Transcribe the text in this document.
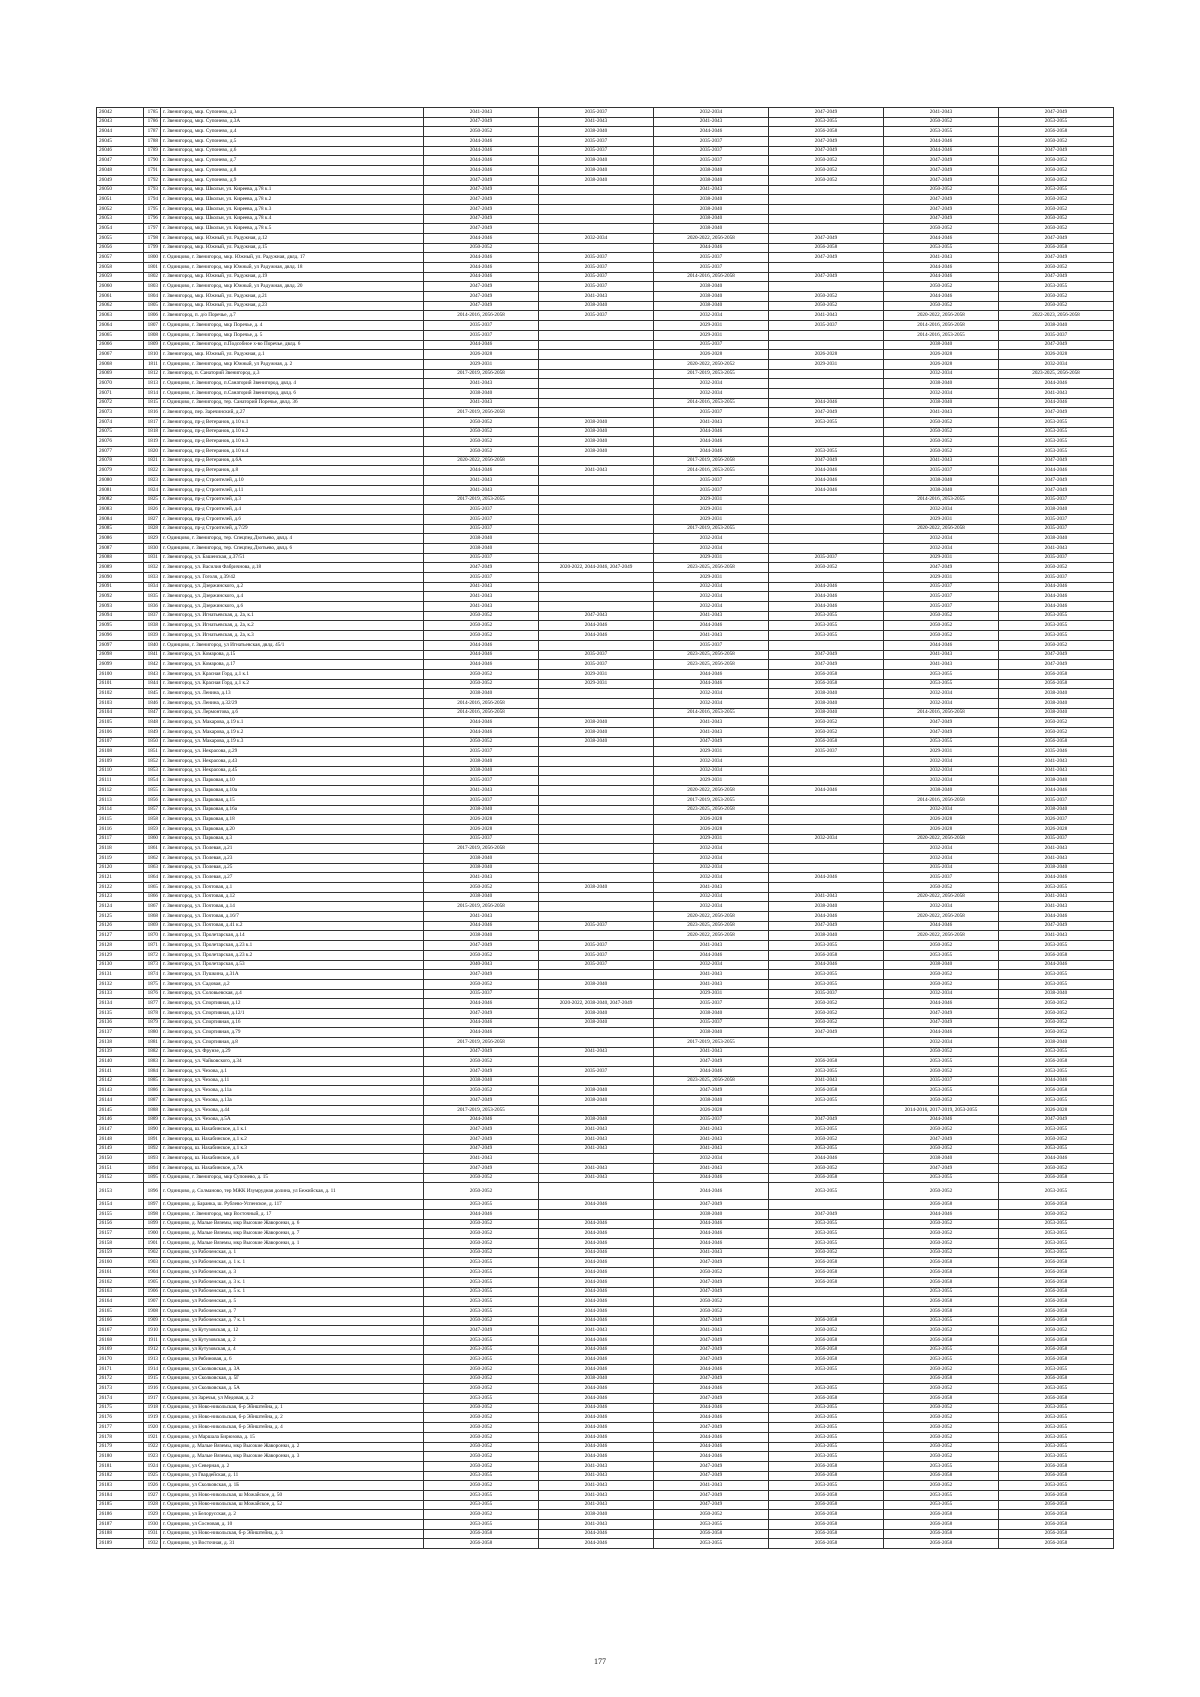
26042	1785	г. Звенигород, мкр. Супонево, д.3	2041-2043	2035-2037	2032-2034	2047-2049	2041-2043	2047-2049
26043	1786	г. Звенигород, мкр. Супонево, д.3А	2047-2049	2041-2043	2041-2043	2053-2055	2050-2052	2053-2055
26044	1787	г. Звенигород, мкр. Супонево, д.4	2050-2052	2038-2040	2044-2046	2056-2058	2053-2055	2056-2058
26045	1788	г. Звенигород, мкр. Супонево, д.5	2044-2046	2035-2037	2035-2037	2047-2049	2044-2046	2050-2052
26046	1789	г. Звенигород, мкр. Супонево, д.6	2044-2046	2035-2037	2035-2037	2047-2049	2044-2046	2047-2049
26047	1790	г. Звенигород, мкр. Супонево, д.7	2044-2046	2038-2040	2035-2037	2050-2052	2047-2049	2050-2052
26048	1791	г. Звенигород, мкр. Супонево, д.8	2044-2046	2038-2040	2038-2040	2050-2052	2047-2049	2050-2052
26049	1792	г. Звенигород, мкр. Супонево, д.9	2047-2049	2038-2040	2038-2040	2050-2052	2047-2049	2050-2052
26050	1793	г. Звенигород, мкр. Школьн, ул. Киреева, д.78 к.1	2047-2049		2041-2043		2050-2052	2053-2055
26051	1794	г. Звенигород, мкр. Школьн, ул. Киреева, д.78 к.2	2047-2049		2038-2040		2047-2049	2050-2052
26052	1795	г. Звенигород, мкр. Школьн, ул. Киреева, д.78 к.3	2047-2049		2038-2040		2047-2049	2050-2052
26053	1796	г. Звенигород, мкр. Школьн, ул. Киреева, д.78 к.4	2047-2049		2038-2040		2047-2049	2050-2052
26054	1797	г. Звенигород, мкр. Школьн, ул. Киреева, д.78 к.5	2047-2049		2038-2040		2050-2052	2050-2052
26055	1798	г. Звенигород, мкр. Южный, ул. Радужная, д.12	2044-2046	2032-2034	2020-2022, 2056-2058	2047-2049	2044-2046	2047-2049
26056	1799	г. Звенигород, мкр. Южный, ул. Радужная, д.15	2050-2052		2044-2046	2056-2058	2053-2055	2056-2058
26057	1800	г. Одинцово, г. Звенигород, мкр. Южный, ул. Радужная, двлд. 17	2044-2046	2035-2037	2035-2037	2047-2049	2041-2043	2047-2049
26058	1801	г. Одинцово, г. Звенигород, мкр Южный, ул Радужная, двлд. 18	2044-2046	2035-2037	2035-2037		2044-2046	2050-2052
26059	1802	г. Звенигород, мкр. Южный, ул. Радужная, д.19	2044-2046	2035-2037	2014-2016, 2056-2058	2047-2049	2044-2046	2047-2049
26060	1803	г. Одинцово, г. Звенигород, мкр Южный, ул Радужная, двлд. 20	2047-2049	2035-2037	2038-2040		2050-2052	2053-2055
26061	1804	г. Звенигород, мкр. Южный, ул. Радужная, д.21	2047-2049	2041-2043	2038-2040	2050-2052	2044-2046	2050-2052
26062	1805	г. Звенигород, мкр. Южный, ул. Радужная, д.23	2047-2049	2038-2040	2038-2040	2050-2052	2050-2052	2050-2052
26063	1806	г. Звенигород, п. д/о Поречье, д.7	2014-2016, 2056-2058	2035-2037	2032-2034	2041-2043	2020-2022, 2056-2058	2022-2023, 2056-2058
26064	1807	г. Одинцово, г. Звенигород, мкр Поречье, д. 4	2035-2037		2029-2031	2035-2037	2014-2016, 2056-2058	2038-2040
26065	1808	г. Одинцово, г. Звенигород, мкр Поречье, д. 5	2035-2037		2029-2031		2014-2016, 2053-2055	2035-2037
26066	1809	г. Одинцово, г. Звенигород, п.Подсобное х-во Поречье, двлд. 6	2044-2046		2035-2037		2038-2040	2047-2049
26067	1810	г. Звенигород, мкр. Южный, ул. Радужная, д.1	2026-2028		2026-2028	2026-2028	2026-2028	2026-2028
26068	1811	г. Одинцово, г. Звенигород, мкр Южный, ул Радужная, д. 2	2029-2031		2020-2022, 2050-2052	2029-2031	2026-2028	2032-2034
26069	1812	г. Звенигород, п. Санаторий Звенигород, д.3	2017-2019, 2056-2058		2017-2019, 2053-2055		2032-2034	2023-2025, 2056-2058
26070	1813	г. Одинцово, г. Звенигород, п.Санаторий Звенигород, двлд. 4	2041-2043		2032-2034		2038-2040	2044-2046
26071	1814	г. Одинцово, г. Звенигород, п.Санаторий Звенигород, двлд. 6	2038-2040		2032-2034		2032-2034	2041-2043
26072	1815	г. Одинцово, г. Звенигород, тер. Санаторий Поречье, двлд. 36	2041-2043		2014-2016, 2053-2055	2044-2046	2038-2040	2044-2046
26073	1816	г. Звенигород, пер. Заречинский, д.27	2017-2019, 2056-2058		2035-2037	2047-2049	2041-2043	2047-2049
26074	1817	г. Звенигород, пр-д Ветеранов, д.10 к.1	2050-2052	2038-2040	2041-2043	2053-2055	2050-2052	2053-2055
26075	1818	г. Звенигород, пр-д Ветеранов, д.10 к.2	2050-2052	2038-2040	2044-2046		2050-2052	2053-2055
26076	1819	г. Звенигород, пр-д Ветеранов, д.10 к.3	2050-2052	2038-2040	2044-2046		2050-2052	2053-2055
26077	1820	г. Звенигород, пр-д Ветеранов, д.10 к.4	2050-2052	2038-2040	2044-2046	2053-2055	2050-2052	2053-2055
26078	1821	г. Звенигород, пр-д Ветеранов, д.6А	2020-2022, 2056-2058		2017-2019, 2056-2058	2047-2049	2041-2043	2047-2049
26079	1822	г. Звенигород, пр-д Ветеранов, д.8	2044-2046	2041-2043	2014-2016, 2053-2055	2044-2046	2035-2037	2044-2046
26080	1823	г. Звенигород, пр-д Строителей, д.10	2041-2043		2035-2037	2044-2046	2038-2040	2047-2049
26081	1824	г. Звенигород, пр-д Строителей, д.11	2041-2043		2035-2037	2044-2046	2038-2040	2047-2049
26082	1825	г. Звенигород, пр-д Строителей, д.3	2017-2019, 2053-2055		2029-2031		2014-2016, 2053-2055	2035-2037
26083	1826	г. Звенигород, пр-д Строителей, д.4	2035-2037		2029-2031		2032-2034	2038-2040
26084	1827	г. Звенигород, пр-д Строителей, д.6	2035-2037		2029-2031		2029-2031	2035-2037
26085	1828	г. Звенигород, пр-д Строителей, д.7/29	2035-2037		2017-2019, 2053-2055		2020-2022, 2056-2058	2035-2037
26086	1829	г. Одинцово, г. Звенигород, тер. Спецпед.Дзотьево, двлд. 4	2038-2040		2032-2034		2032-2034	2038-2040
26087	1830	г. Одинцово, г. Звенигород, тер. Спецпед.Дзотьево, двлд. 6	2038-2040		2032-2034		2032-2034	2041-2043
26088	1831	г. Звенигород, ул. Башенская, д.37/51	2035-2037		2029-2031	2035-2037	2029-2031	2035-2037
26089	1832	г. Звенигород, ул. Василия Фабричнова, д.18	2047-2049	2020-2022, 2044-2046, 2047-2049	2023-2025, 2056-2058	2050-2052	2047-2049	2050-2052
26090	1833	г. Звенигород, ул. Гоголя, д.39/42	2035-2037		2029-2031		2029-2031	2035-2037
26091	1834	г. Звенигород, ул. Дзержинского, д.2	2041-2043		2032-2034	2044-2046	2035-2037	2044-2046
26092	1835	г. Звенигород, ул. Дзержинского, д.4	2041-2043		2032-2034	2044-2046	2035-2037	2044-2046
26093	1836	г. Звенигород, ул. Дзержинского, д.6	2041-2043		2032-2034	2044-2046	2035-2037	2044-2046
26094	1837	г. Звенигород, ул. Игнатьевская, д. 2а, к.1	2050-2052	2047-2043	2041-2043	2053-2055	2050-2052	2053-2055
26095	1838	г. Звенигород, ул. Игнатьевская, д. 2а, к.2	2050-2052	2044-2046	2044-2046	2053-2055	2050-2052	2053-2055
26096	1839	г. Звенигород, ул. Игнатьевская, д. 2а, к.3	2050-2052	2044-2046	2041-2043	2053-2055	2050-2052	2053-2055
26097	1840	г. Одинцово, г. Звенигород, ул Игнатьевская, двлд. 45/1	2044-2046		2035-2037		2044-2046	2050-2052
26098	1841	г. Звенигород, ул. Комарова, д.15	2044-2046	2035-2037	2023-2025, 2056-2058	2047-2049	2041-2043	2047-2049
26099	1842	г. Звенигород, ул. Комарова, д.17	2044-2046	2035-2037	2023-2025, 2056-2058	2047-2049	2041-2043	2047-2049
26100	1843	г. Звенигород, ул. Красная Горд, д.1 к.1	2050-2052	2029-2031	2044-2046	2056-2058	2053-2055	2056-2058
26101	1844	г. Звенигород, ул. Красная Горд, д.1 к.2	2050-2052	2029-2031	2044-2046	2056-2058	2053-2055	2056-2058
26102	1845	г. Звенигород, ул. Ленина, д.13	2038-2040		2032-2034	2038-2040	2032-2034	2038-2040
26103	1846	г. Звенигород, ул. Ленина, д.32/29	2014-2016, 2056-2058		2032-2034	2038-2040	2032-2034	2038-2040
26104	1847	г. Звенигород, ул. Лермонтова, д.6	2014-2016, 2056-2058		2014-2016, 2053-2055	2038-2040	2014-2016, 2056-2058	2038-2040
26105	1848	г. Звенигород, ул. Макарова, д.19 к.1	2044-2046	2038-2040	2041-2043	2050-2052	2047-2049	2050-2052
26106	1849	г. Звенигород, ул. Макарова, д.19 к.2	2044-2046	2038-2040	2041-2043	2050-2052	2047-2049	2050-2052
26107	1850	г. Звенигород, ул. Макарова, д.19 к.3	2050-2052	2038-2040	2047-2049	2056-2058	2053-2055	2056-2058
26108	1851	г. Звенигород, ул. Некрасова, д.29	2035-2037		2029-2031	2035-2037	2029-2031	2035-2046
26109	1852	г. Звенигород, ул. Некрасова, д.43	2038-2040		2032-2034		2032-2034	2041-2043
26110	1853	г. Звенигород, ул. Некрасова, д.45	2038-2040		2032-2034		2032-2034	2041-2043
26111	1854	г. Звенигород, ул. Парковая, д.10	2035-2037		2029-2031		2032-2034	2038-2040
26112	1855	г. Звенигород, ул. Парковая, д.10а	2041-2043		2020-2022, 2056-2058	2044-2046	2038-2040	2044-2046
26113	1856	г. Звенигород, ул. Парковая, д.15	2035-2037		2017-2019, 2053-2055		2014-2016, 2056-2058	2035-2037
26114	1857	г. Звенигород, ул. Парковая, д.16а	2038-2040		2023-2025, 2056-2058		2032-2034	2038-2040
26115	1858	г. Звенигород, ул. Парковая, д.18	2026-2028		2026-2028		2026-2028	2026-2037
26116	1859	г. Звенигород, ул. Парковая, д.20	2026-2028		2026-2028		2026-2028	2026-2028
26117	1860	г. Звенигород, ул. Парковая, д.3	2035-2037		2029-2031	2032-2034	2020-2022, 2056-2058	2035-2037
26118	1861	г. Звенигород, ул. Полевая, д.21	2017-2019, 2056-2058		2032-2034		2032-2034	2041-2043
26119	1862	г. Звенигород, ул. Полевая, д.23	2038-2040		2032-2034		2032-2034	2041-2043
26120	1863	г. Звенигород, ул. Полевая, д.25	2038-2040		2032-2034		2035-2034	2038-2040
26121	1864	г. Звенигород, ул. Полевая, д.27	2041-2043		2032-2034	2044-2046	2035-2037	2044-2046
26122	1865	г. Звенигород, ул. Почтовая, д.1	2050-2052	2038-2040	2041-2043		2050-2052	2053-2055
26123	1866	г. Звенигород, ул. Почтовая, д.12	2038-2040		2032-2034	2041-2043	2020-2022, 2056-2058	2041-2043
26124	1867	г. Звенигород, ул. Почтовая, д.14	2015-2019, 2056-2058		2032-2034	2038-2040	2032-2034	2041-2043
26125	1868	г. Звенигород, ул. Почтовая, д.16/7	2041-2043		2020-2022, 2056-2058	2044-2046	2020-2022, 2056-2058	2044-2046
26126	1869	г. Звенигород, ул. Почтовая, д.41 к.2	2044-2046	2035-2037	2023-2025, 2056-2058	2047-2049	2044-2046	2047-2049
26127	1870	г. Звенигород, ул. Пролетарская, д.14	2038-2040		2020-2022, 2056-2058	2038-2040	2020-2022, 2056-2058	2041-2043
26128	1871	г. Звенигород, ул. Пролетарская, д.23 к.1	2047-2049	2035-2037	2041-2043	2053-2055	2050-2052	2053-2055
26129	1872	г. Звенигород, ул. Пролетарская, д.23 к.2	2050-2052	2035-2037	2044-2046	2056-2058	2053-2055	2056-2058
26130	1873	г. Звенигород, ул. Пролетарская, д.53	2040-2043	2035-2037	2032-2034	2044-2046	2038-2040	2044-2046
26131	1874	г. Звенигород, ул. Пушкина, д.31А	2047-2049		2041-2043	2053-2055	2050-2052	2053-2055
26132	1875	г. Звенигород, ул. Садовая, д.2	2050-2052	2038-2040	2041-2043	2053-2055	2050-2052	2053-2055
26133	1876	г. Звенигород, ул. Соловьевская, д.4	2035-2037		2029-2031	2035-2037	2032-2034	2038-2040
26134	1877	г. Звенигород, ул. Спортивная, д.12	2044-2046	2020-2022, 2038-2040, 2047-2049	2035-2037	2050-2052	2044-2046	2050-2052
26135	1878	г. Звенигород, ул. Спортивная, д.12/1	2047-2049	2038-2040	2038-2040	2050-2052	2047-2049	2050-2052
26136	1879	г. Звенигород, ул. Спортивная, д.16	2044-2046	2038-2040	2035-2037	2050-2052	2047-2049	2050-2052
26137	1880	г. Звенигород, ул. Спортивная, д.79	2044-2046		2038-2040	2047-2049	2044-2046	2050-2052
26138	1881	г. Звенигород, ул. Спортивная, д.8	2017-2019, 2056-2058		2017-2019, 2053-2055		2032-2034	2038-2040
26139	1882	г. Звенигород, ул. Фрунзе, д.29	2047-2049	2041-2043	2041-2043		2050-2052	2053-2055
26140	1883	г. Звенигород, ул. Чайковского, д.34	2050-2052		2047-2049	2056-2058	2053-2055	2056-2058
26141	1884	г. Звенигород, ул. Чехова, д.1	2047-2049	2035-2037	2044-2046	2053-2055	2050-2052	2053-2055
26142	1885	г. Звенигород, ул. Чехова, д.11	2038-2040		2023-2025, 2056-2058	2041-2043	2035-2037	2044-2046
26143	1886	г. Звенигород, ул. Чехова, д.11а	2050-2052	2038-2040	2047-2049	2056-2058	2053-2055	2056-2058
26144	1887	г. Звенигород, ул. Чехова, д.13а	2047-2049	2038-2040	2038-2040	2053-2055	2050-2052	2053-2055
26145	1888	г. Звенигород, ул. Чехова, д.44	2017-2019, 2053-2055		2026-2028		2014-2016, 2017-2019, 2053-2055	2026-2028
26146	1889	г. Звенигород, ул. Чехова, д.5А	2044-2046	2038-2040	2035-2037	2047-2049	2044-2046	2047-2049
26147	1890	г. Звенигород, ш. Нахабинское, д.1 к.1	2047-2049	2041-2043	2041-2043	2053-2055	2050-2052	2053-2055
26148	1891	г. Звенигород, ш. Нахабинское, д.1 к.2	2047-2049	2041-2043	2041-2043	2050-2052	2047-2049	2050-2052
26149	1892	г. Звенигород, ш. Нахабинское, д.1 к.3	2047-2049	2041-2043	2041-2043	2053-2055	2050-2052	2053-2055
26150	1893	г. Звенигород, ш. Нахабинское, д.6	2041-2043		2032-2034	2044-2046	2038-2040	2044-2046
26151	1894	г. Звенигород, ш. Нахабинское, д.7А	2047-2049	2041-2043	2041-2043	2050-2052	2047-2049	2050-2052
26152	1895	г. Одинцово, г. Звенигород, мкр Супонево, д. 15	2050-2052	2041-2043	2044-2046	2056-2058	2053-2055	2056-2058
26153	1896	г. Одинцово, д. Солманово, тер МЖК Изумрудная долина, ул Бежийская, д. 11	2050-2052		2044-2046	2053-2055	2050-2052	2053-2055
26154	1897	г. Одинцово, д. Баранка, ш. Рублево-Успенское, д. 117	2053-2055	2044-2046	2047-2049		2056-2058	2056-2058
26155	1898	г. Одинцово, г. Звенигород, мкр Восточный, д. 17	2044-2046		2038-2040	2047-2049	2044-2046	2050-2052
26156	1899	г. Одинцово, д. Малые Вяземы, мкр Высокие Жаворонки, д. 6	2050-2052	2044-2046	2044-2046	2053-2055	2050-2052	2053-2055
26157	1900	г. Одинцово, д. Малые Вяземы, мкр Высокие Жаворонки, д. 7	2050-2052	2044-2046	2044-2046	2053-2055	2050-2052	2053-2055
26158	1901	г. Одинцово, д. Малые Вяземы, мкр Высокие Жаворонки, д. 1	2050-2052	2044-2046	2044-2046	2053-2055	2050-2052	2053-2055
26159	1902	г. Одинцово, ул Рабоченская, д. 1	2050-2052	2044-2046	2041-2043	2050-2052	2050-2052	2053-2055
26160	1903	г. Одинцово, ул Рабоченская, д. 1 к. 1	2053-2055	2044-2046	2047-2049	2056-2058	2056-2058	2056-2058
26161	1904	г. Одинцово, ул Рабоченская, д. 3	2053-2055	2044-2046	2050-2052	2056-2058	2056-2058	2056-2058
26162	1905	г. Одинцово, ул Рабоченская, д. 3 к. 1	2053-2055	2044-2046	2047-2049	2056-2058	2056-2058	2056-2058
26163	1906	г. Одинцово, ул Рабоченская, д. 5 к. 1	2053-2055	2044-2046	2047-2049		2053-2055	2056-2058
26164	1907	г. Одинцово, ул Рабоченская, д. 5	2053-2055	2044-2046	2050-2052		2056-2058	2056-2058
26165	1908	г. Одинцово, ул Рабоченская, д. 7	2053-2055	2044-2046	2050-2052		2056-2058	2056-2058
26166	1909	г. Одинцово, ул Рабоченская, д. 7 к. 1	2050-2052	2044-2046	2047-2049	2056-2058	2053-2055	2056-2058
26167	1910	г. Одинцово, ул Кутузовская, д. 12	2047-2049	2041-2043	2041-2043	2050-2052	2050-2052	2050-2052
26168	1911	г. Одинцово, ул Кутузовская, д. 2	2053-2055	2044-2046	2047-2049	2056-2058	2056-2058	2056-2058
26169	1912	г. Одинцово, ул Кутузовская, д. 4	2053-2055	2044-2046	2047-2049	2056-2058	2053-2055	2056-2058
26170	1913	г. Одинцово, ул Рябиновая, д. 6	2053-2055	2044-2046	2047-2049	2056-2058	2053-2055	2056-2058
26171	1914	г. Одинцово, ул Сколковская, д. 3А	2050-2052	2044-2046	2044-2046	2053-2055	2050-2052	2053-2055
26172	1915	г. Одинцово, ул Сколковская, д. 5Г	2050-2052	2038-2040	2047-2049		2056-2058	2056-2058
26173	1916	г. Одинцово, ул Сколковская, д. 5А	2050-2052	2044-2046	2044-2046	2053-2055	2050-2052	2053-2055
26174	1917	г. Одинцово, ул Заречья, ул Медовая, д. 2	2053-2055	2044-2046	2047-2049	2056-2058	2056-2058	2056-2058
26175	1918	г. Одинцово, ул Ново-никольская, б-р Эйнштейна, д. 1	2050-2052	2044-2046	2044-2046	2053-2055	2050-2052	2053-2055
26176	1919	г. Одинцово, ул Ново-никольская, б-р Эйнштейна, д. 2	2050-2052	2044-2046	2044-2046	2053-2055	2050-2052	2053-2055
26177	1920	г. Одинцово, ул Ново-никольская, б-р Эйнштейна, д. 4	2050-2052	2044-2046	2047-2049	2053-2055	2050-2052	2053-2055
26178	1921	г. Одинцово, ул Маршала Бирюзова, д. 15	2050-2052	2044-2046	2044-2046	2053-2055	2050-2052	2053-2055
26179	1922	г. Одинцово, д. Малые Вяземы, мкр Высокие Жаворонки, д. 2	2050-2052	2044-2046	2044-2046	2053-2055	2050-2052	2053-2055
26180	1923	г. Одинцово, д. Малые Вяземы, мкр Высокие Жаворонки, д. 3	2050-2052	2044-2046	2044-2046	2053-2055	2050-2052	2053-2055
26181	1924	г. Одинцово, ул Северная, д. 2	2050-2052	2041-2043	2047-2049	2056-2058	2053-2055	2056-2058
26182	1925	г. Одинцово, ул Гвардейская, д. 11	2053-2055	2041-2043	2047-2049	2056-2058	2056-2058	2056-2058
26183	1926	г. Одинцово, ул Сколковская, д. 1Б	2050-2052	2041-2043	2041-2043	2053-2055	2050-2052	2053-2055
26184	1927	г. Одинцово, ул Ново-никольская, ш Можайское, д. 50	2053-2055	2041-2043	2047-2049	2056-2058	2053-2055	2056-2058
26185	1928	г. Одинцово, ул Ново-никольская, ш Можайское, д. 52	2053-2055	2041-2043	2047-2049	2056-2058	2053-2055	2056-2058
26186	1929	г. Одинцово, ул Белорусская, д. 2	2050-2052	2038-2040	2050-2052	2056-2058	2056-2058	2056-2058
26187	1930	г. Одинцово, ул Сосновая, д. 10	2053-2055	2041-2043	2053-2055	2056-2058	2056-2058	2056-2058
26188	1931	г. Одинцово, ул Ново-никольская, б-р Эйнштейна, д. 3	2056-2058	2044-2046	2056-2058	2056-2058	2056-2058	2056-2058
26189	1932	г. Одинцово, ул Восточная, д. 31	2056-2058	2044-2046	2053-2055	2056-2058	2056-2058	2056-2058
177
